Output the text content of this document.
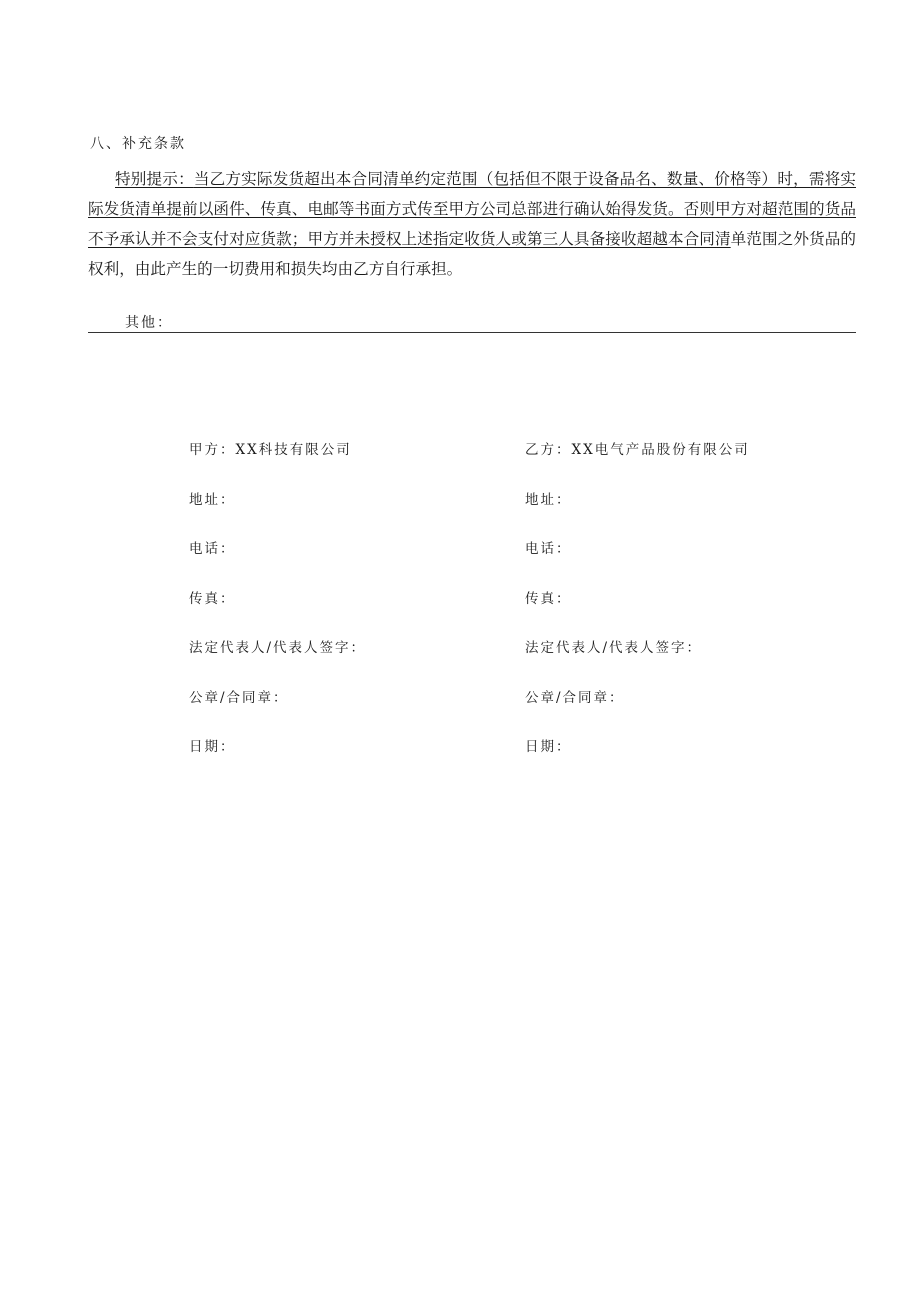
八、补充条款

特别提示：当乙方实际发货超出本合同清单约定范围（包括但不限于设备品名、数量、价格等）时，需将实际发货清单提前以函件、传真、电邮等书面方式传至甲方公司总部进行确认始得发货。否则甲方对超范围的货品不予承认并不会支付对应货款；甲方并未授权上述指定收货人或第三人具备接收超越本合同清单范围之外货品的权利，由此产生的一切费用和损失均由乙方自行承担。

其他：
甲方：XX科技有限公司
地址：
电话：
传真：
法定代表人/代表人签字：
公章/合同章：
日期：
乙方：XX电气产品股份有限公司
地址：
电话：
传真：
法定代表人/代表人签字：
公章/合同章：
日期：
